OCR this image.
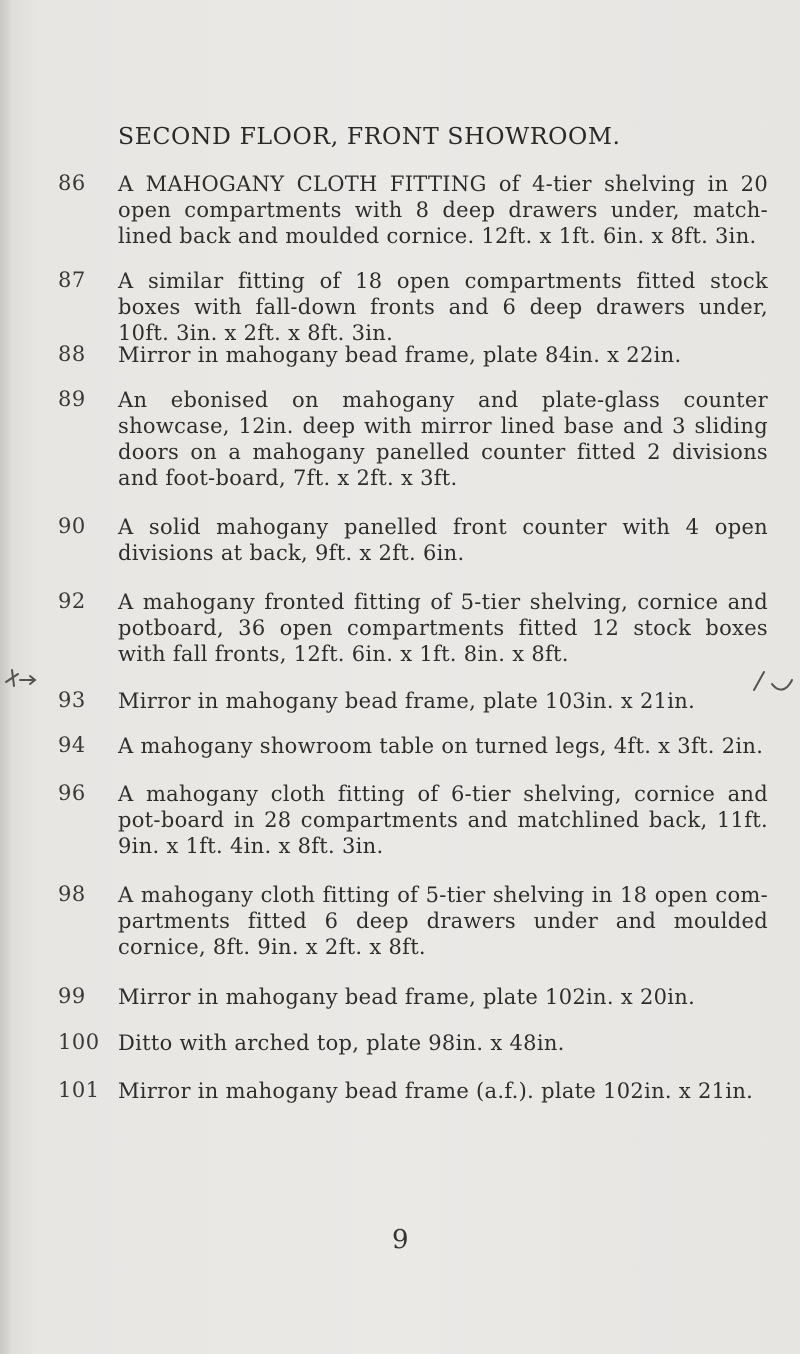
SECOND FLOOR, FRONT SHOWROOM.
86	A MAHOGANY CLOTH FITTING of 4-tier shelving in 20 open compartments with 8 deep drawers under, match-lined back and moulded cornice. 12ft. x 1ft. 6in. x 8ft. 3in.
87	A similar fitting of 18 open compartments fitted stock boxes with fall-down fronts and 6 deep drawers under, 10ft. 3in. x 2ft. x 8ft. 3in.
88	Mirror in mahogany bead frame, plate 84in. x 22in.
89	An ebonised on mahogany and plate-glass counter showcase, 12in. deep with mirror lined base and 3 sliding doors on a mahogany panelled counter fitted 2 divisions and foot-board, 7ft. x 2ft. x 3ft.
90	A solid mahogany panelled front counter with 4 open divisions at back, 9ft. x 2ft. 6in.
92	A mahogany fronted fitting of 5-tier shelving, cornice and potboard, 36 open compartments fitted 12 stock boxes with fall fronts, 12ft. 6in. x 1ft. 8in. x 8ft.
93	Mirror in mahogany bead frame, plate 103in. x 21in.
94	A mahogany showroom table on turned legs, 4ft. x 3ft. 2in.
96	A mahogany cloth fitting of 6-tier shelving, cornice and pot-board in 28 compartments and matchlined back, 11ft. 9in. x 1ft. 4in. x 8ft. 3in.
98	A mahogany cloth fitting of 5-tier shelving in 18 open com-partments fitted 6 deep drawers under and moulded cornice, 8ft. 9in. x 2ft. x 8ft.
99	Mirror in mahogany bead frame, plate 102in. x 20in.
100 Ditto with arched top, plate 98in. x 48in.
101 Mirror in mahogany bead frame (a.f.). plate 102in. x 21in.
9
